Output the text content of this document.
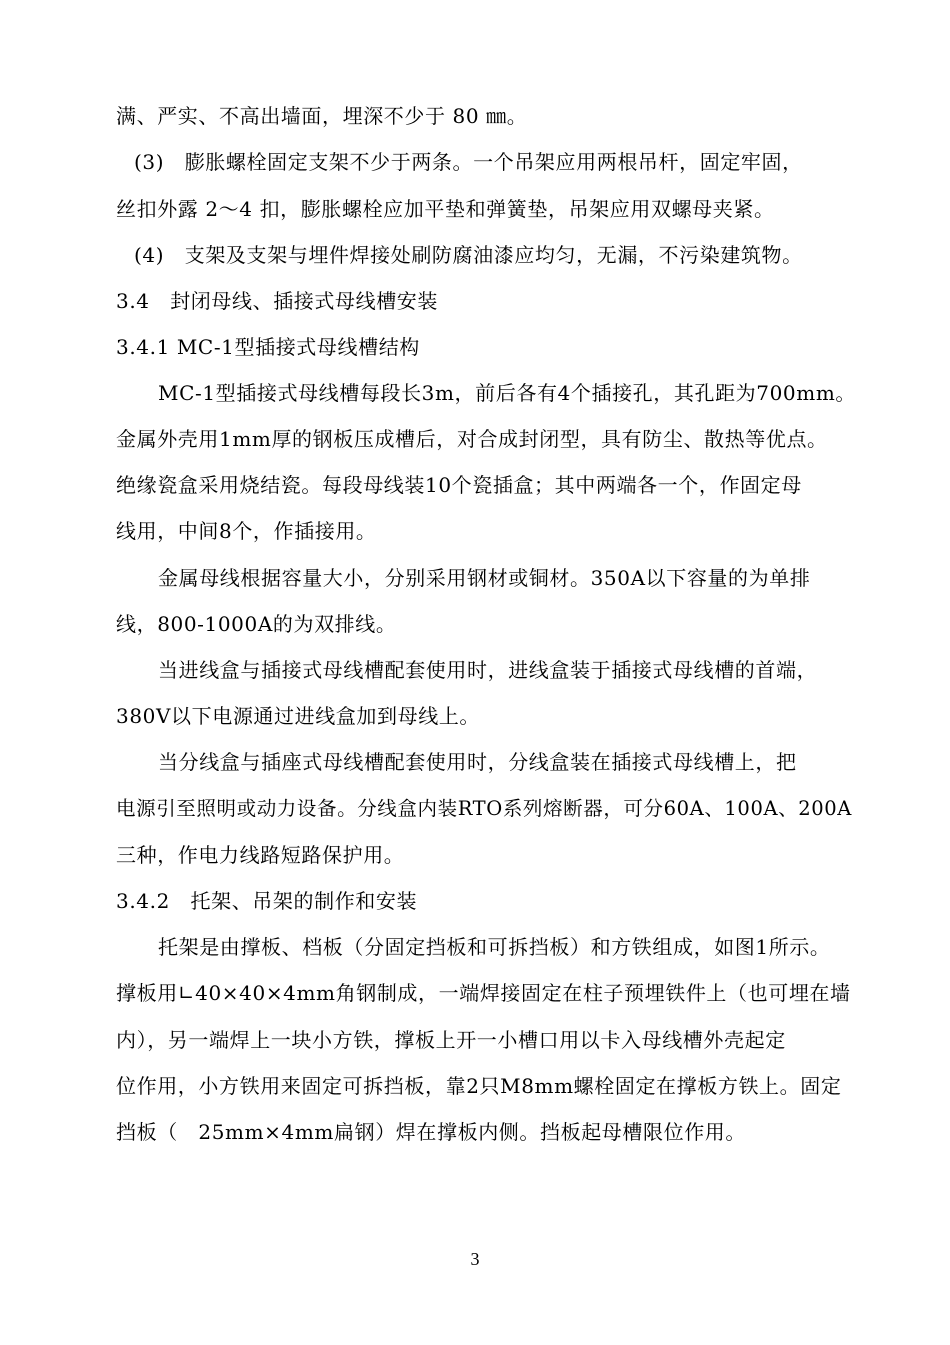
满、严实、不高出墙面，埋深不少于 80 ㎜。
(3)　膨胀螺栓固定支架不少于两条。一个吊架应用两根吊杆，固定牢固，
丝扣外露 2～4 扣，膨胀螺栓应加平垫和弹簧垫，吊架应用双螺母夹紧。
(4)　支架及支架与埋件焊接处刷防腐油漆应均匀，无漏，不污染建筑物。
3.4　封闭母线、插接式母线槽安装
3.4.1 MC-1型插接式母线槽结构
MC-1型插接式母线槽每段长3m，前后各有4个插接孔，其孔距为700mm。
金属外壳用1mm厚的钢板压成槽后，对合成封闭型，具有防尘、散热等优点。
绝缘瓷盒采用烧结瓷。每段母线装10个瓷插盒；其中两端各一个，作固定母
线用，中间8个，作插接用。
金属母线根据容量大小，分别采用钢材或铜材。350A以下容量的为单排
线，800-1000A的为双排线。
当进线盒与插接式母线槽配套使用时，进线盒装于插接式母线槽的首端，
380V以下电源通过进线盒加到母线上。
当分线盒与插座式母线槽配套使用时，分线盒装在插接式母线槽上，把
电源引至照明或动力设备。分线盒内装RTO系列熔断器，可分60A、100A、200A
三种，作电力线路短路保护用。
3.4.2　托架、吊架的制作和安装
托架是由撑板、档板（分固定挡板和可拆挡板）和方铁组成，如图1所示。
撑板用∟40×40×4mm角钢制成，一端焊接固定在柱子预埋铁件上（也可埋在墙
内），另一端焊上一块小方铁，撑板上开一小槽口用以卡入母线槽外壳起定
位作用，小方铁用来固定可拆挡板，靠2只M8mm螺栓固定在撑板方铁上。固定
挡板（　25mm×4mm扁钢）焊在撑板内侧。挡板起母槽限位作用。
3
